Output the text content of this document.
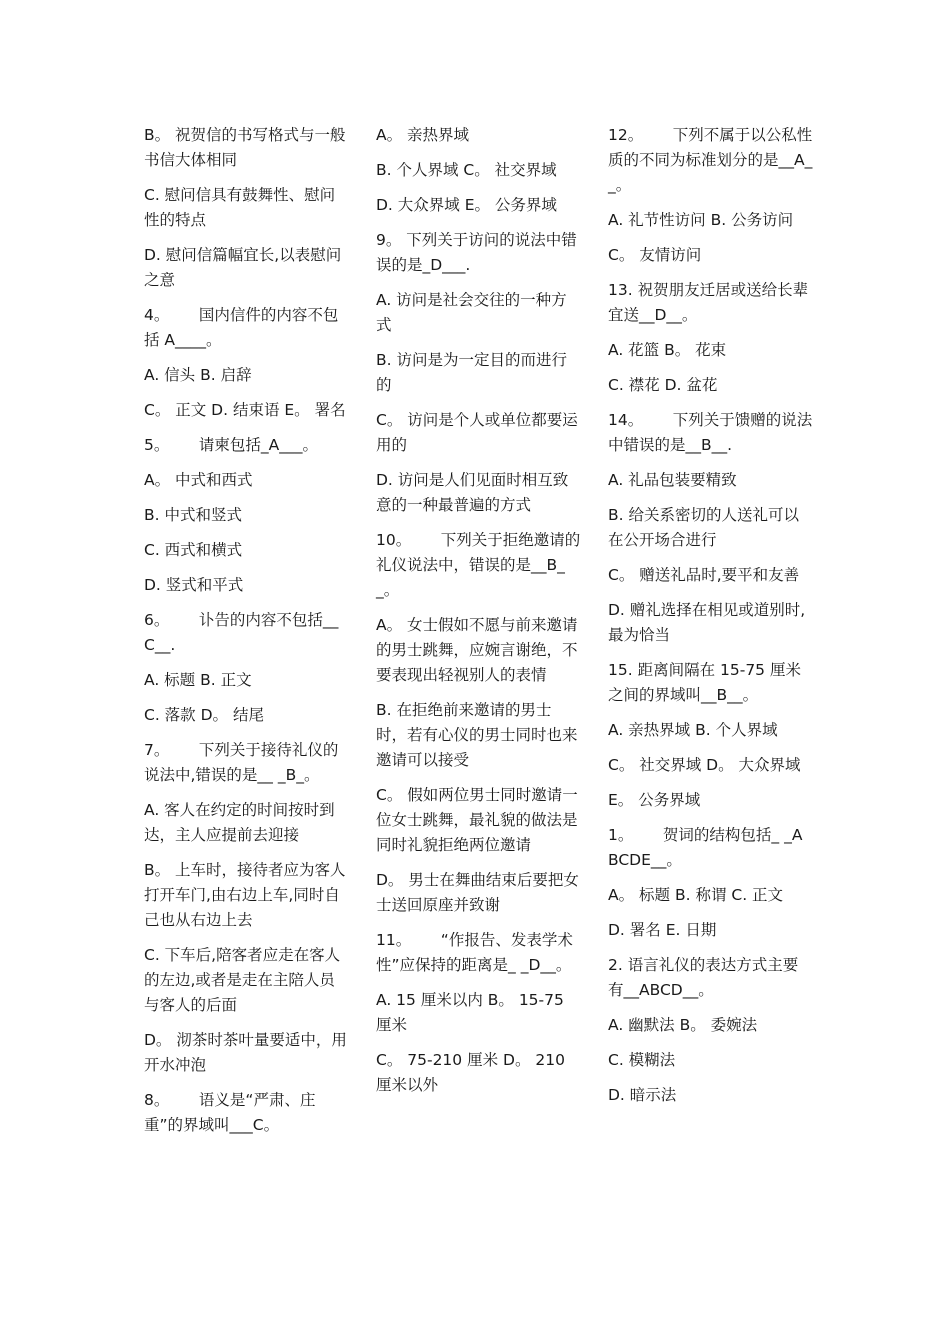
B。 祝贺信的书写格式与一般书信大体相同

C. 慰问信具有鼓舞性、慰问性的特点

D. 慰问信篇幅宜长,以表慰问之意

4。      国内信件的内容不包括 A____。

A. 信头 B. 启辞

C。 正文 D. 结束语 E。 署名

5。      请柬包括_A___。

A。 中式和西式

B. 中式和竖式

C. 西式和横式

D. 竖式和平式

6。      讣告的内容不包括__C__.

A. 标题 B. 正文

C. 落款 D。 结尾

7。      下列关于接待礼仪的说法中,错误的是__ _B_。

A. 客人在约定的时间按时到达，主人应提前去迎接

B。 上车时，接待者应为客人打开车门,由右边上车,同时自己也从右边上去

C. 下车后,陪客者应走在客人的左边,或者是走在主陪人员与客人的后面

D。 沏茶时茶叶量要适中，用开水冲泡

8。      语义是“严肃、庄重”的界域叫___C。

A。 亲热界域

B. 个人界域 C。 社交界域

D. 大众界域 E。 公务界域

9。 下列关于访问的说法中错误的是_D___.

A. 访问是社会交往的一种方式

B. 访问是为一定目的而进行的

C。 访问是个人或单位都要运用的

D. 访问是人们见面时相互致意的一种最普遍的方式

10。      下列关于拒绝邀请的礼仪说法中，错误的是__B__。

A。 女士假如不愿与前来邀请的男士跳舞，应婉言谢绝，不要表现出轻视别人的表情

B. 在拒绝前来邀请的男士时，若有心仪的男士同时也来邀请可以接受

C。 假如两位男士同时邀请一位女士跳舞，最礼貌的做法是同时礼貌拒绝两位邀请

D。 男士在舞曲结束后要把女士送回原座并致谢

11。      “作报告、发表学术性”应保持的距离是_ _D__。

A. 15 厘米以内 B。 15-75 厘米

C。 75-210 厘米 D。 210 厘米以外

12。      下列不属于以公私性质的不同为标准划分的是__A__。

A. 礼节性访问 B. 公务访问

C。 友情访问

13. 祝贺朋友迁居或送给长辈宜送__D__。

A. 花篮 B。 花束

C. 襟花 D. 盆花

14。      下列关于馈赠的说法中错误的是__B__.

A. 礼品包装要精致

B. 给关系密切的人送礼可以在公开场合进行

C。 赠送礼品时,要平和友善

D. 赠礼选择在相见或道别时,最为恰当

15. 距离间隔在 15-75 厘米之间的界域叫__B__。

A. 亲热界域 B. 个人界域

C。 社交界域 D。 大众界域

E。 公务界域

1。      贺词的结构包括_ _ABCDE__。

A。 标题 B. 称谓 C. 正文

D. 署名 E. 日期

2. 语言礼仪的表达方式主要有__ABCD__。

A. 幽默法 B。 委婉法

C. 模糊法

D. 暗示法
